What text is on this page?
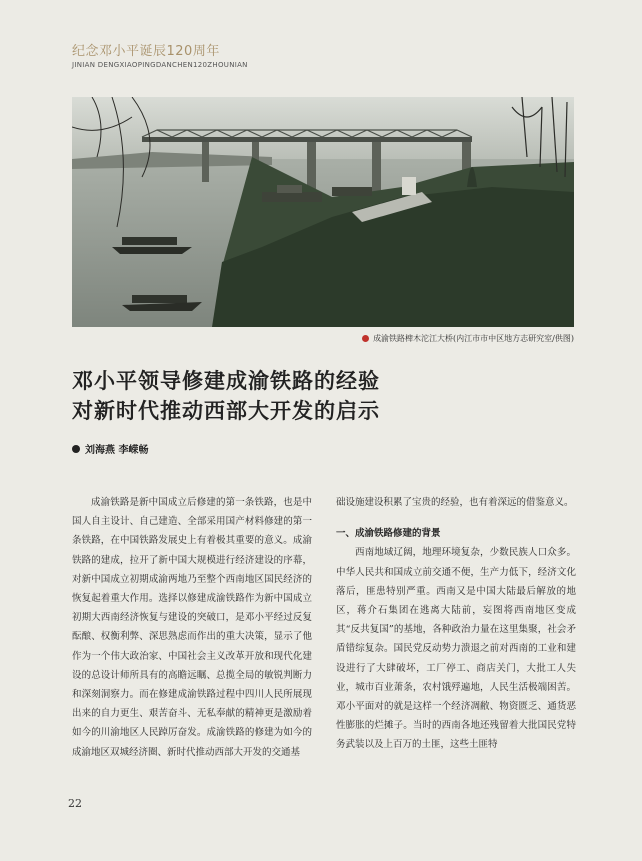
纪念邓小平诞辰120周年
JINIAN DENGXIAOPINGDANCHEN120ZHOUNIAN
成渝铁路椑木沱江大桥(内江市市中区地方志研究室/供图)
邓小平领导修建成渝铁路的经验
对新时代推动西部大开发的启示
刘海燕 李嵘畅

成渝铁路是新中国成立后修建的第一条铁路，也是中国人自主设计、自己建造、全部采用国产材料修建的第一条铁路，在中国铁路发展史上有着极其重要的意义。成渝铁路的建成，拉开了新中国大规模进行经济建设的序幕，对新中国成立初期成渝两地乃至整个西南地区国民经济的恢复起着重大作用。选择以修建成渝铁路作为新中国成立初期大西南经济恢复与建设的突破口，是邓小平经过反复酝酿、权衡利弊、深思熟虑而作出的重大决策，显示了他作为一个伟大政治家、中国社会主义改革开放和现代化建设的总设计师所具有的高瞻远瞩、总揽全局的敏锐判断力和深刻洞察力。而在修建成渝铁路过程中四川人民所展现出来的自力更生、艰苦奋斗、无私奉献的精神更是激励着如今的川渝地区人民踔厉奋发。成渝铁路的修建为如今的成渝地区双城经济圈、新时代推动西部大开发的交通基

础设施建设积累了宝贵的经验，也有着深远的借鉴意义。

一、成渝铁路修建的背景

西南地域辽阔，地理环境复杂，少数民族人口众多。中华人民共和国成立前交通不便，生产力低下，经济文化落后，匪患特别严重。西南又是中国大陆最后解放的地区，蒋介石集团在逃离大陆前，妄图将西南地区变成其“反共复国”的基地，各种政治力量在这里集聚，社会矛盾错综复杂。国民党反动势力溃退之前对西南的工业和建设进行了大肆破坏，工厂停工、商店关门，大批工人失业，城市百业萧条，农村饿殍遍地，人民生活极端困苦。邓小平面对的就是这样一个经济凋敝、物资匮乏、通货恶性膨胀的烂摊子。当时的西南各地还残留着大批国民党特务武装以及上百万的土匪，这些土匪特

22
